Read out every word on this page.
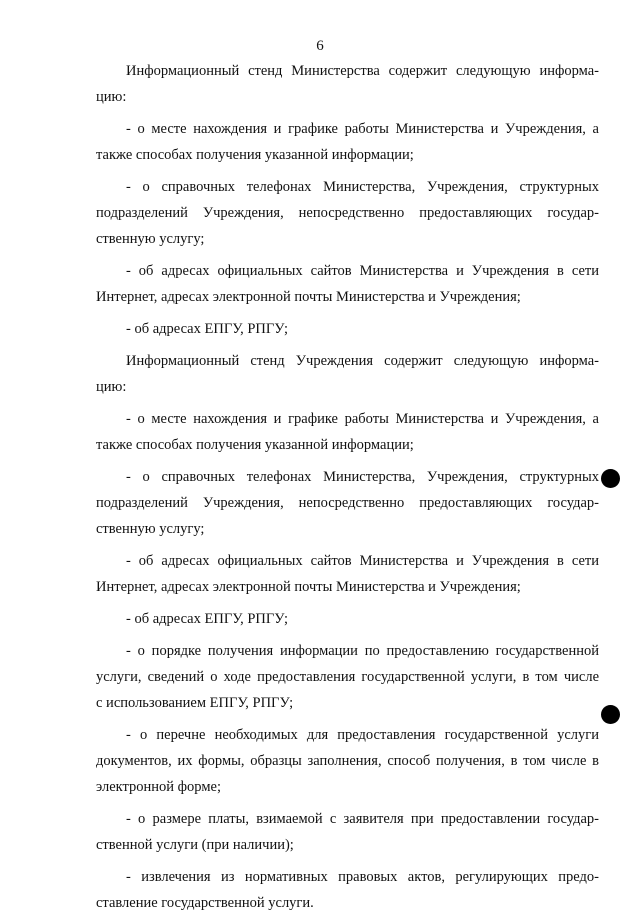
6
Информационный стенд Министерства содержит следующую информа-
цию:
- о месте нахождения и графике работы Министерства и Учреждения, а
также способах получения указанной информации;
- о справочных телефонах Министерства, Учреждения, структурных
подразделений Учреждения, непосредственно предоставляющих государ-
ственную услугу;
- об адресах официальных сайтов Министерства и Учреждения в сети
Интернет, адресах электронной почты Министерства и Учреждения;
- об адресах ЕПГУ, РПГУ;
Информационный стенд Учреждения содержит следующую информа-
цию:
- о месте нахождения и графике работы Министерства и Учреждения, а
также способах получения указанной информации;
- о справочных телефонах Министерства, Учреждения, структурных
подразделений Учреждения, непосредственно предоставляющих государ-
ственную услугу;
- об адресах официальных сайтов Министерства и Учреждения в сети
Интернет, адресах электронной почты Министерства и Учреждения;
- об адресах ЕПГУ, РПГУ;
- о порядке получения информации по предоставлению государственной
услуги, сведений о ходе предоставления государственной услуги, в том числе
с использованием ЕПГУ, РПГУ;
- о перечне необходимых для предоставления государственной услуги
документов, их формы, образцы заполнения, способ получения, в том числе в
электронной форме;
- о размере платы, взимаемой с заявителя при предоставлении государ-
ственной услуги (при наличии);
- извлечения из нормативных правовых актов, регулирующих предо-
ставление государственной услуги.
